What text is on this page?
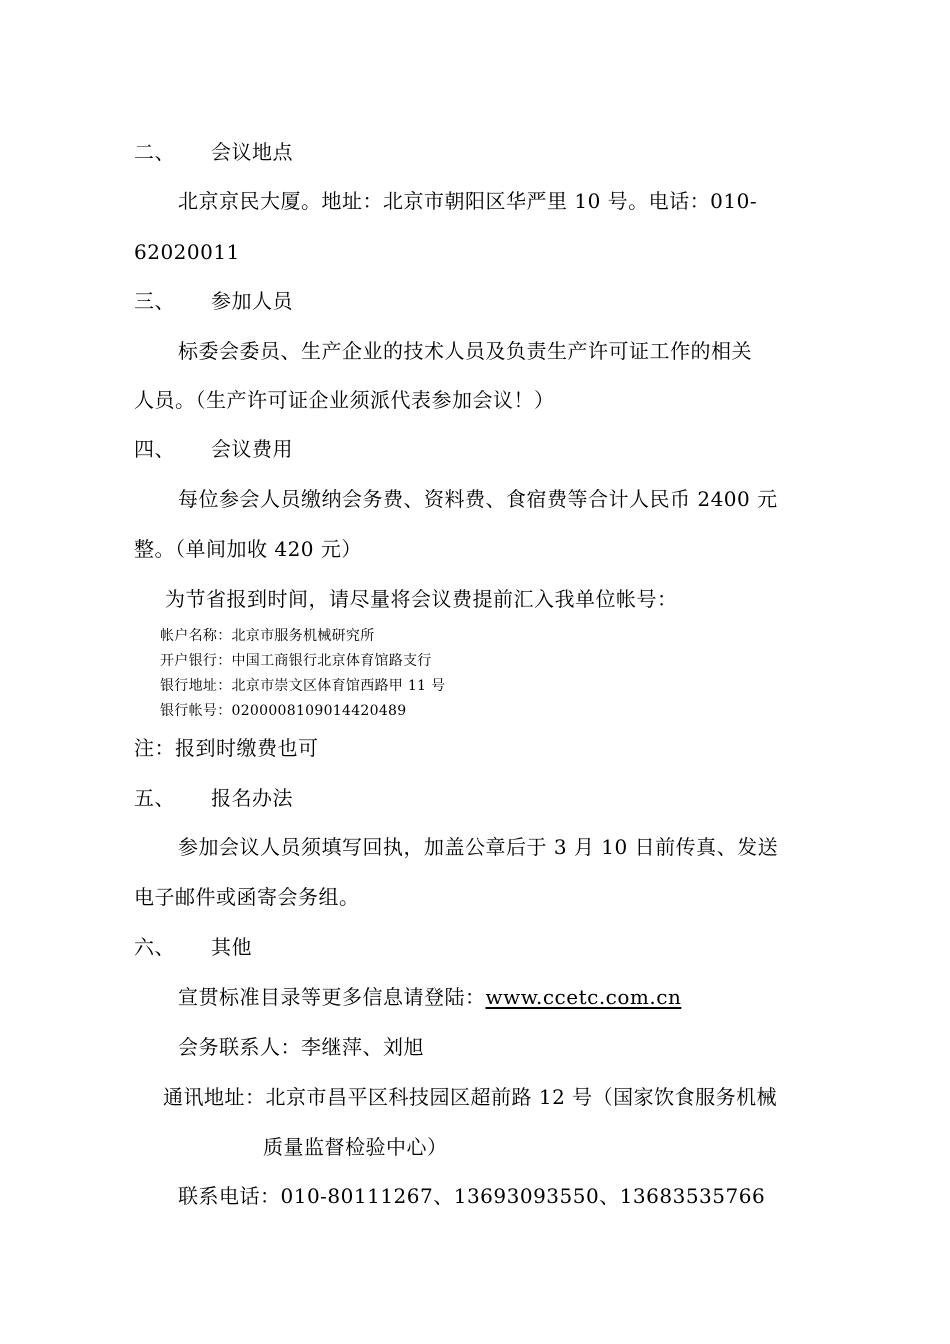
二、 会议地点
北京京民大厦。地址：北京市朝阳区华严里 10 号。电话：010-
62020011
三、 参加人员
标委会委员、生产企业的技术人员及负责生产许可证工作的相关
人员。（生产许可证企业须派代表参加会议！）
四、 会议费用
每位参会人员缴纳会务费、资料费、食宿费等合计人民币 2400 元
整。（单间加收 420 元）
为节省报到时间，请尽量将会议费提前汇入我单位帐号：
帐户名称：北京市服务机械研究所
开户银行：中国工商银行北京体育馆路支行
银行地址：北京市崇文区体育馆西路甲 11 号
银行帐号：0200008109014420489
注：报到时缴费也可
五、 报名办法
参加会议人员须填写回执，加盖公章后于 3 月 10 日前传真、发送
电子邮件或函寄会务组。
六、 其他
宣贯标准目录等更多信息请登陆：www.ccetc.com.cn
会务联系人：李继萍、刘旭
通讯地址：北京市昌平区科技园区超前路 12 号（国家饮食服务机械
质量监督检验中心）
联系电话：010-80111267、13693093550、13683535766
